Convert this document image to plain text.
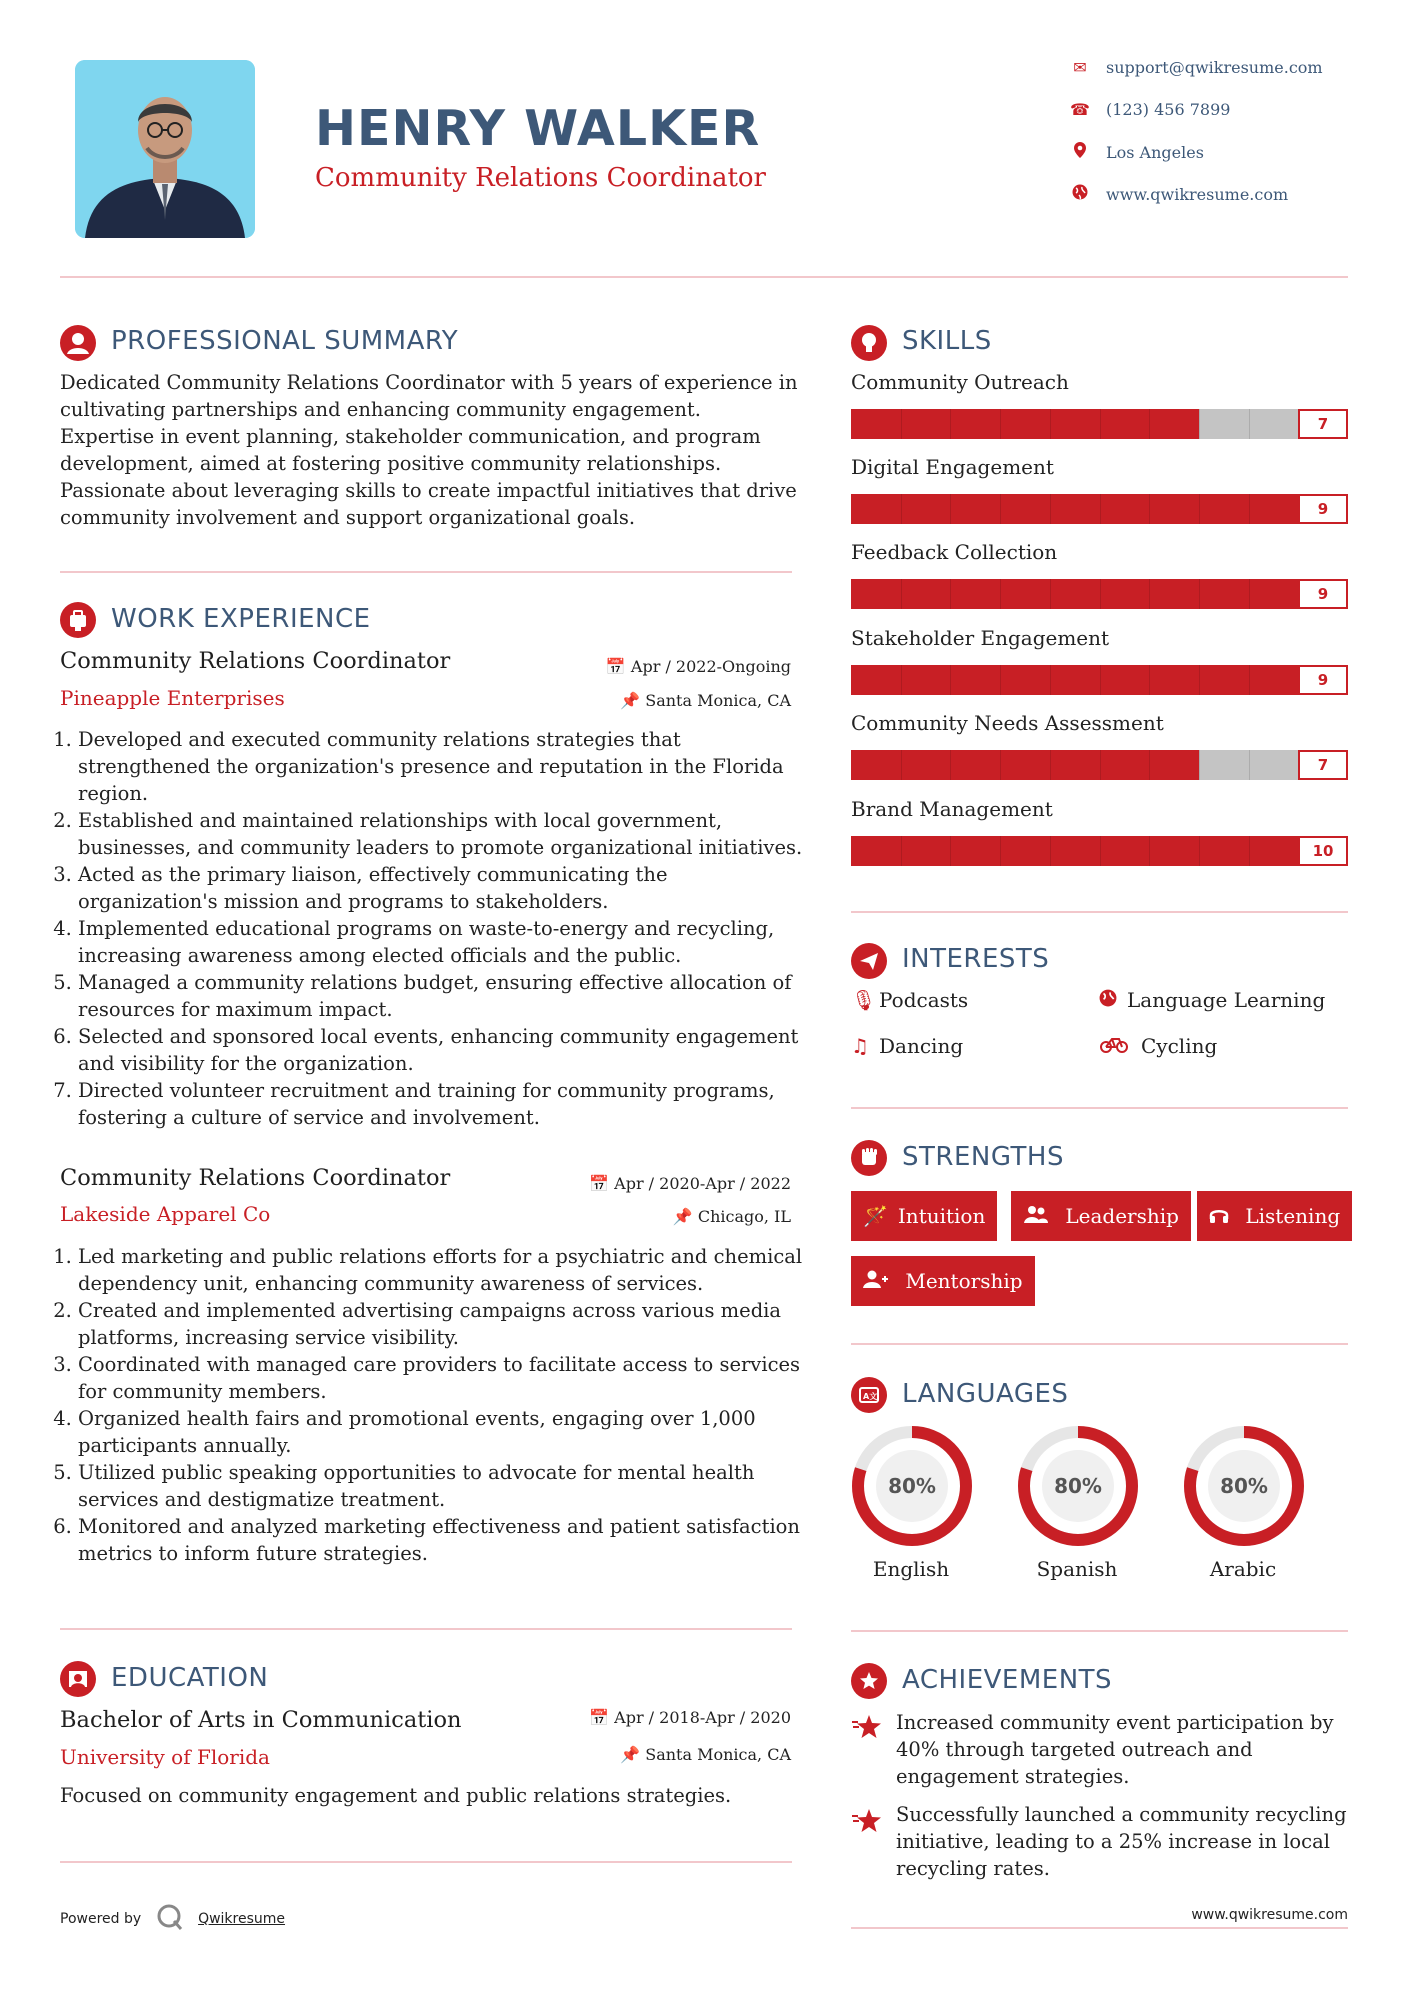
HENRY WALKER
Community Relations Coordinator
✉ support@qwikresume.com
☎ (123) 456 7899
Los Angeles
www.qwikresume.com
PROFESSIONAL SUMMARY
Dedicated Community Relations Coordinator with 5 years of experience in cultivating partnerships and enhancing community engagement. Expertise in event planning, stakeholder communication, and program development, aimed at fostering positive community relationships. Passionate about leveraging skills to create impactful initiatives that drive community involvement and support organizational goals.
WORK EXPERIENCE
Community Relations Coordinator	📅 Apr / 2022-Ongoing
Pineapple Enterprises	📌 Santa Monica, CA
1. Developed and executed community relations strategies that strengthened the organization's presence and reputation in the Florida region.
2. Established and maintained relationships with local government, businesses, and community leaders to promote organizational initiatives.
3. Acted as the primary liaison, effectively communicating the organization's mission and programs to stakeholders.
4. Implemented educational programs on waste-to-energy and recycling, increasing awareness among elected officials and the public.
5. Managed a community relations budget, ensuring effective allocation of resources for maximum impact.
6. Selected and sponsored local events, enhancing community engagement and visibility for the organization.
7. Directed volunteer recruitment and training for community programs, fostering a culture of service and involvement.
Community Relations Coordinator	📅 Apr / 2020-Apr / 2022
Lakeside Apparel Co	📌 Chicago, IL
1. Led marketing and public relations efforts for a psychiatric and chemical dependency unit, enhancing community awareness of services.
2. Created and implemented advertising campaigns across various media platforms, increasing service visibility.
3. Coordinated with managed care providers to facilitate access to services for community members.
4. Organized health fairs and promotional events, engaging over 1,000 participants annually.
5. Utilized public speaking opportunities to advocate for mental health services and destigmatize treatment.
6. Monitored and analyzed marketing effectiveness and patient satisfaction metrics to inform future strategies.
EDUCATION
Bachelor of Arts in Communication	📅 Apr / 2018-Apr / 2020
University of Florida	📌 Santa Monica, CA
Focused on community engagement and public relations strategies.
Powered by	Qwikresume
SKILLS
Community Outreach
7
Digital Engagement
9
Feedback Collection
9
Stakeholder Engagement
9
Community Needs Assessment
7
Brand Management
10
INTERESTS
🎙 Podcasts	Language Learning
♫ Dancing	Cycling
STRENGTHS
🪄 Intuition	Leadership	Listening
Mentorship
A文 LANGUAGES
80%
English
80%
Spanish
80%
Arabic
ACHIEVEMENTS
Increased community event participation by 40% through targeted outreach and engagement strategies.
Successfully launched a community recycling initiative, leading to a 25% increase in local recycling rates.
www.qwikresume.com
